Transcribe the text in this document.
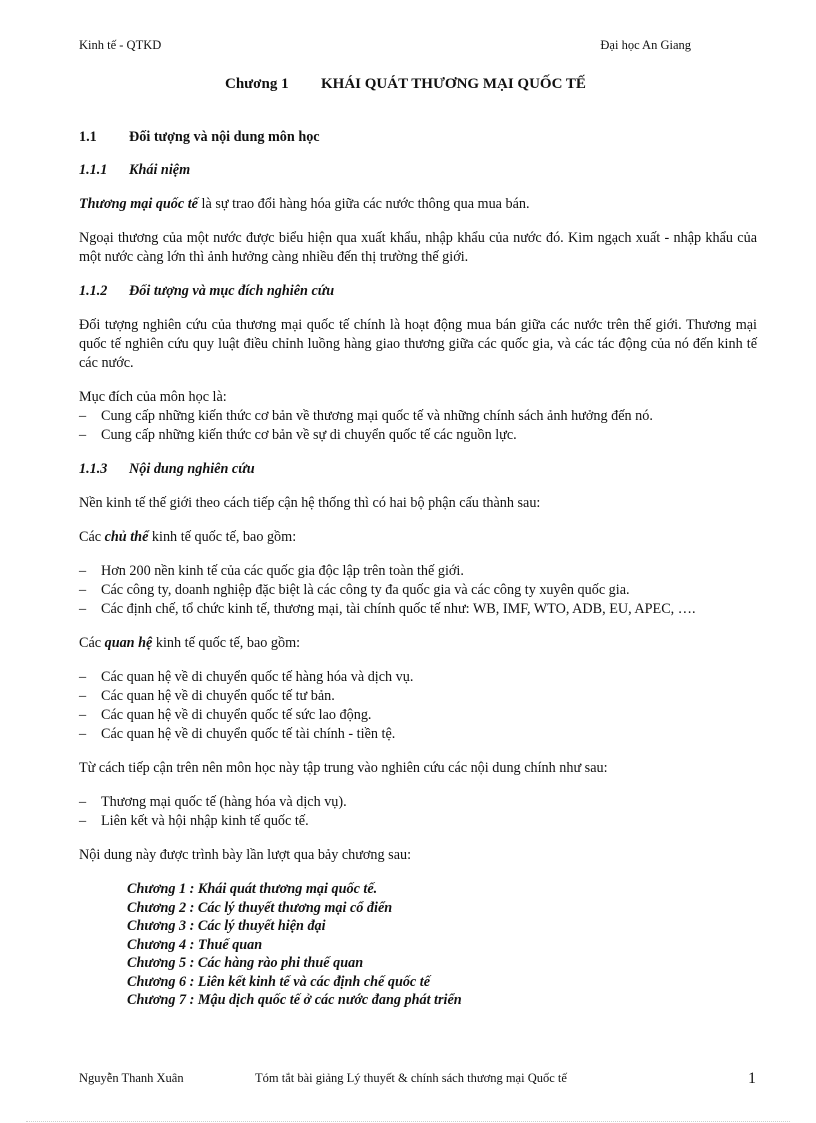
Kinh tế - QTKD	Đại học An Giang
Chương 1 KHÁI QUÁT THƯƠNG MẠI QUỐC TẾ
1.1 Đối tượng và nội dung môn học
1.1.1 Khái niệm

Thương mại quốc tế là sự trao đổi hàng hóa giữa các nước thông qua mua bán.

Ngoại thương của một nước được biểu hiện qua xuất khẩu, nhập khẩu của nước đó. Kim ngạch xuất - nhập khẩu của một nước càng lớn thì ảnh hưởng càng nhiều đến thị trường thế giới.

1.1.2 Đối tượng và mục đích nghiên cứu

Đối tượng nghiên cứu của thương mại quốc tế chính là hoạt động mua bán giữa các nước trên thế giới. Thương mại quốc tế nghiên cứu quy luật điều chỉnh luồng hàng giao thương giữa các quốc gia, và các tác động của nó đến kinh tế các nước.

Mục đích của môn học là:
– Cung cấp những kiến thức cơ bản về thương mại quốc tế và những chính sách ảnh hưởng đến nó.
– Cung cấp những kiến thức cơ bản về sự di chuyển quốc tế các nguồn lực.
1.1.3 Nội dung nghiên cứu

Nền kinh tế thế giới theo cách tiếp cận hệ thống thì có hai bộ phận cấu thành sau:

Các chủ thể kinh tế quốc tế, bao gồm:

– Hơn 200 nền kinh tế của các quốc gia độc lập trên toàn thế giới.
– Các công ty, doanh nghiệp đặc biệt là các công ty đa quốc gia và các công ty xuyên quốc gia.
– Các định chế, tổ chức kinh tế, thương mại, tài chính quốc tế như: WB, IMF, WTO, ADB, EU, APEC, ….

Các quan hệ kinh tế quốc tế, bao gồm:

– Các quan hệ về di chuyển quốc tế hàng hóa và dịch vụ.
– Các quan hệ về di chuyển quốc tế tư bản.
– Các quan hệ về di chuyển quốc tế sức lao động.
– Các quan hệ về di chuyển quốc tế tài chính - tiền tệ.

Từ cách tiếp cận trên nên môn học này tập trung vào nghiên cứu các nội dung chính như sau:

– Thương mại quốc tế (hàng hóa và dịch vụ).
– Liên kết và hội nhập kinh tế quốc tế.

Nội dung này được trình bày lần lượt qua bảy chương sau:

Chương 1 : Khái quát thương mại quốc tế.
Chương 2 : Các lý thuyết thương mại cổ điển
Chương 3 : Các lý thuyết hiện đại
Chương 4 : Thuế quan
Chương 5 : Các hàng rào phi thuế quan
Chương 6 : Liên kết kinh tế và các định chế quốc tế
Chương 7 : Mậu dịch quốc tế ở các nước đang phát triển
Nguyễn Thanh Xuân	Tóm tắt bài giảng Lý thuyết & chính sách thương mại Quốc tế	1
